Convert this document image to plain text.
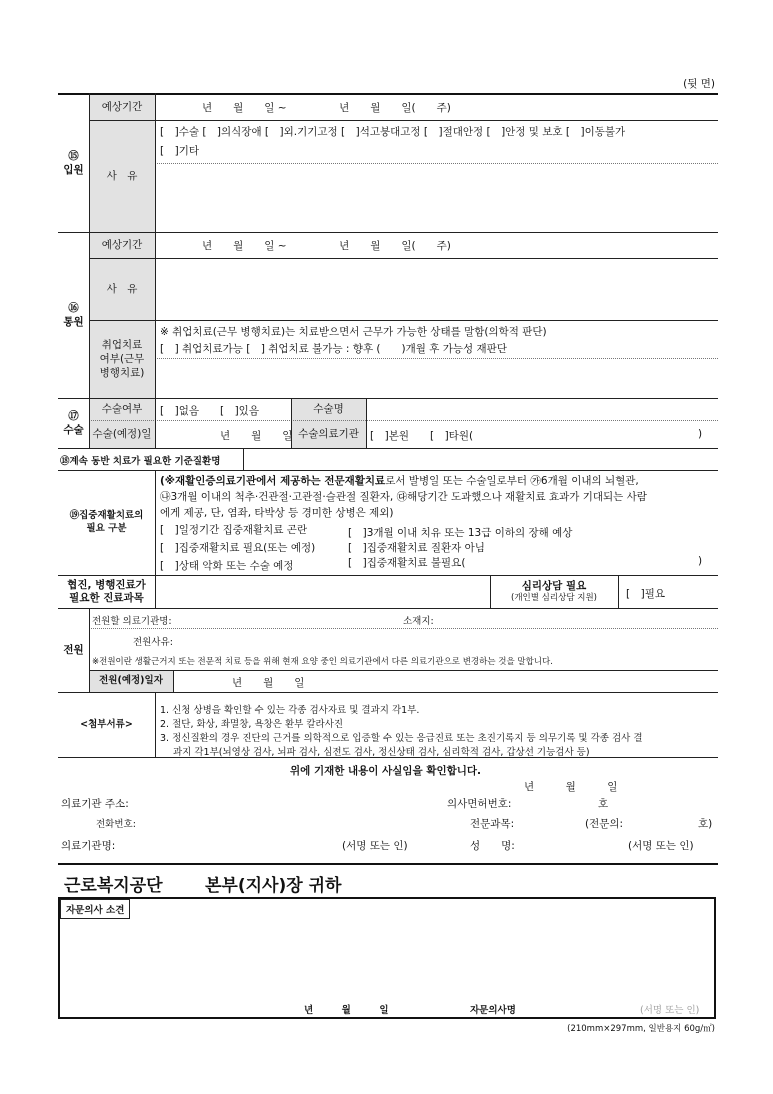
(뒷 면)
⑮
입원
예상기간	년　　월　　일 ~　　　　　년　　월　　일(　　주)
사　유
[　]수술 [　]의식장애 [　]외.기기고정 [　]석고붕대고정 [　]절대안정 [　]안정 및 보호 [　]이동불가
[　]기타
⑯
통원
예상기간	년　　월　　일 ~　　　　　년　　월　　일(　　주)
사　유
취업치료
여부(근무
병행치료)
※ 취업치료(근무 병행치료)는 치료받으면서 근무가 가능한 상태를 말함(의학적 판단)
[　] 취업치료가능 [　] 취업치료 불가능 : 향후 (　　)개월 후 가능성 재판단
⑰
수술
수술여부	[　]없음　　[　]있음	수술명
수술(예정)일	년　　월　　일 수술의료기관	[　]본원　　[　]타원(	)
⑱계속 동반 치료가 필요한 기준질환명
⑲집중재활치료의
필요 구분
(※재활인증의료기관에서 제공하는 전문재활치료로서 발병일 또는 수술일로부터 ㉮6개월 이내의 뇌혈관,
㉯3개월 이내의 척추·건관절·고관절·슬관절 질환자, ㉰해당기간 도과했으나 재활치료 효과가 기대되는 사람
에게 제공, 단, 염좌, 타박상 등 경미한 상병은 제외)
[　]일정기간 집중재활치료 곤란	[　]3개월 이내 치유 또는 13급 이하의 장해 예상
[　]집중재활치료 필요(또는 예정)	[　]집중재활치료 질환자 아님
[　]상태 악화 또는 수술 예정	[　]집중재활치료 불필요(	)
협진, 병행진료가
필요한 진료과목
심리상담 필요
(개인별 심리상담 지원)	[　]필요
전원
전원할 의료기관명:	소재지:
전원사유:
※전원이란 생활근거지 또는 전문적 치료 등을 위해 현재 요양 중인 의료기관에서 다른 의료기관으로 변경하는 것을 말합니다.
전원(예정)일자	년　　월　　일
<첨부서류>
1. 신청 상병을 확인할 수 있는 각종 검사자료 및 결과지 각1부.
2. 절단, 화상, 좌멸창, 욕창은 환부 칼라사진
3. 정신질환의 경우 진단의 근거를 의학적으로 입증할 수 있는 응급진료 또는 초진기록지 등 의무기록 및 각종 검사 결
과지 각1부(뇌영상 검사, 뇌파 검사, 심전도 검사, 정신상태 검사, 심리학적 검사, 갑상선 기능검사 등)
위에 기재한 내용이 사실임을 확인합니다.
년　　　월　　　일
의료기관 주소:	의사면허번호:	호
전화번호:	전문과목:	(전문의:	호)
의료기관명:	(서명 또는 인)	성　　명:	(서명 또는 인)
근로복지공단 본부(지사)장 귀하
자문의사 소견
년　　　월　　　일	자문의사명	(서명 또는 인)
(210mm×297mm, 일반용지 60g/㎡)
